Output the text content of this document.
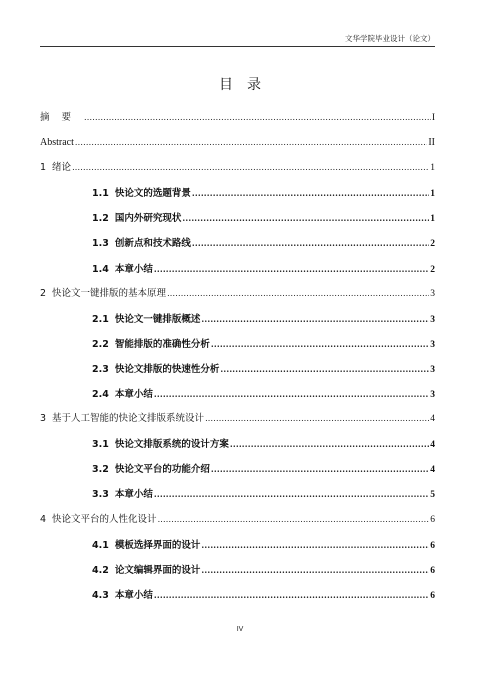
文华学院毕业设计（论文）
目录
摘要 .....	I
Abstract .....	II
1 绪论 .....	1
1.1 快论文的选题背景 .....	1
1.2 国内外研究现状 .....	1
1.3 创新点和技术路线 .....	2
1.4 本章小结 .....	2
2 快论文一键排版的基本原理 .....	3
2.1 快论文一键排版概述 .....	3
2.2 智能排版的准确性分析 .....	3
2.3 快论文排版的快速性分析 .....	3
2.4 本章小结 .....	3
3 基于人工智能的快论文排版系统设计 .....	4
3.1 快论文排版系统的设计方案 .....	4
3.2 快论文平台的功能介绍 .....	4
3.3 本章小结 .....	5
4 快论文平台的人性化设计 .....	6
4.1 模板选择界面的设计 .....	6
4.2 论文编辑界面的设计 .....	6
4.3 本章小结 .....	6
IV
